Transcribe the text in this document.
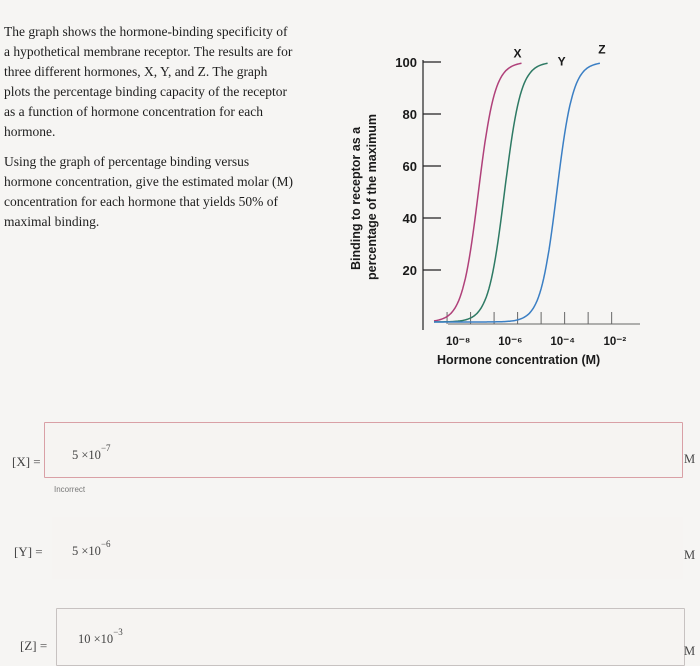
The graph shows the hormone-binding specificity of a hypothetical membrane receptor. The results are for three different hormones, X, Y, and Z. The graph plots the percentage binding capacity of the receptor as a function of hormone concentration for each hormone.

Using the graph of percentage binding versus hormone concentration, give the estimated molar (M) concentration for each hormone that yields 50% of maximal binding.

20
40
60
80
100
10⁻⁸ 10⁻⁶ 10⁻⁴ 10⁻²
X
Y
Z
Binding to receptor as a percentage of the maximum
Hormone concentration (M)
[X] =	$5 \times 10^{-7}$
M
Incorrect
$[Y] = 5 \times 10^{-6}$
M
$[Z] = 10 \times 10^{-3}$
M
